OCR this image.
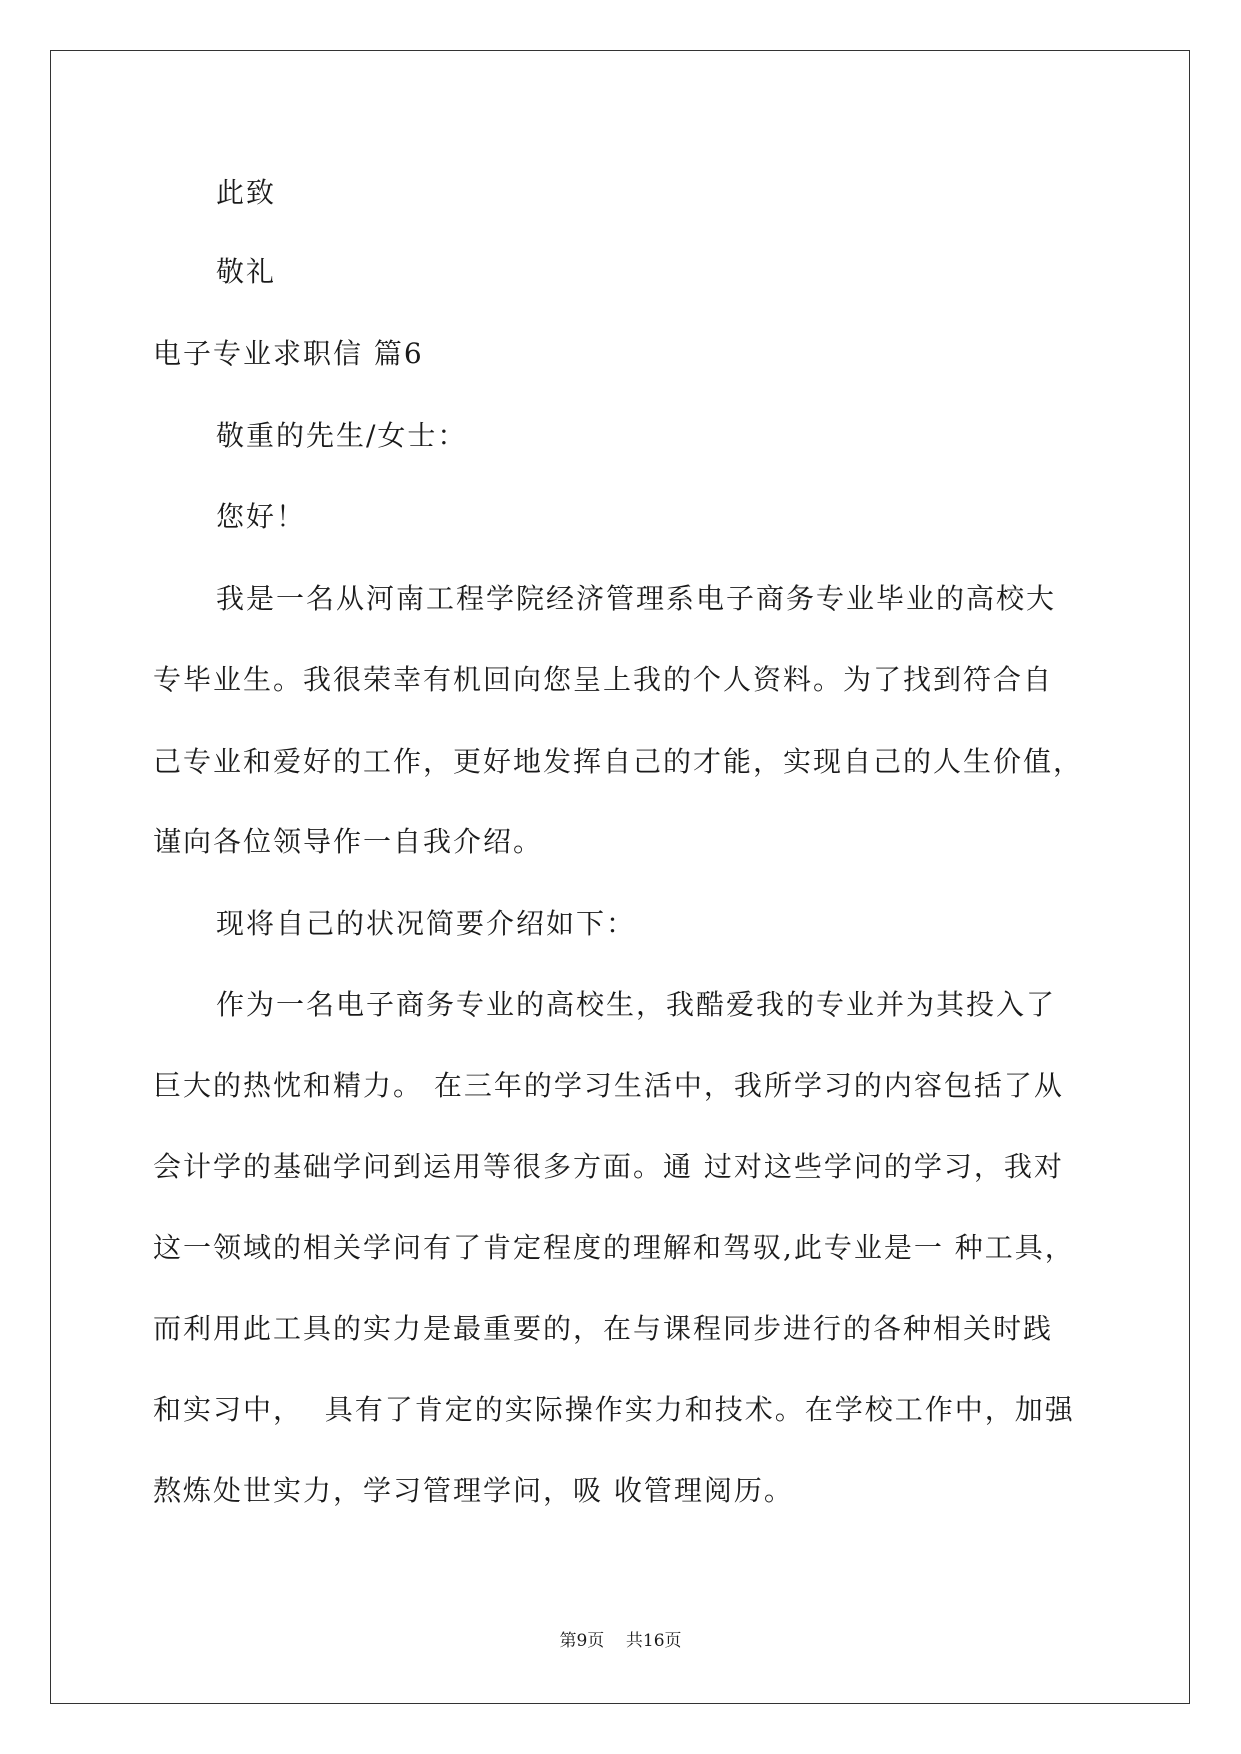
此致
敬礼
电子专业求职信 篇6
敬重的先生/女士：
您好！
我是一名从河南工程学院经济管理系电子商务专业毕业的高校大
专毕业生。我很荣幸有机回向您呈上我的个人资料。为了找到符合自
己专业和爱好的工作，更好地发挥自己的才能，实现自己的人生价值，
谨向各位领导作一自我介绍。
现将自己的状况简要介绍如下：
作为一名电子商务专业的高校生，我酷爱我的专业并为其投入了
巨大的热忱和精力。 在三年的学习生活中，我所学习的内容包括了从
会计学的基础学问到运用等很多方面。通 过对这些学问的学习，我对
这一领域的相关学问有了肯定程度的理解和驾驭,此专业是一 种工具，
而利用此工具的实力是最重要的，在与课程同步进行的各种相关时践
和实习中，  具有了肯定的实际操作实力和技术。在学校工作中，加强
熬炼处世实力，学习管理学问，吸 收管理阅历。
第9页    共16页
